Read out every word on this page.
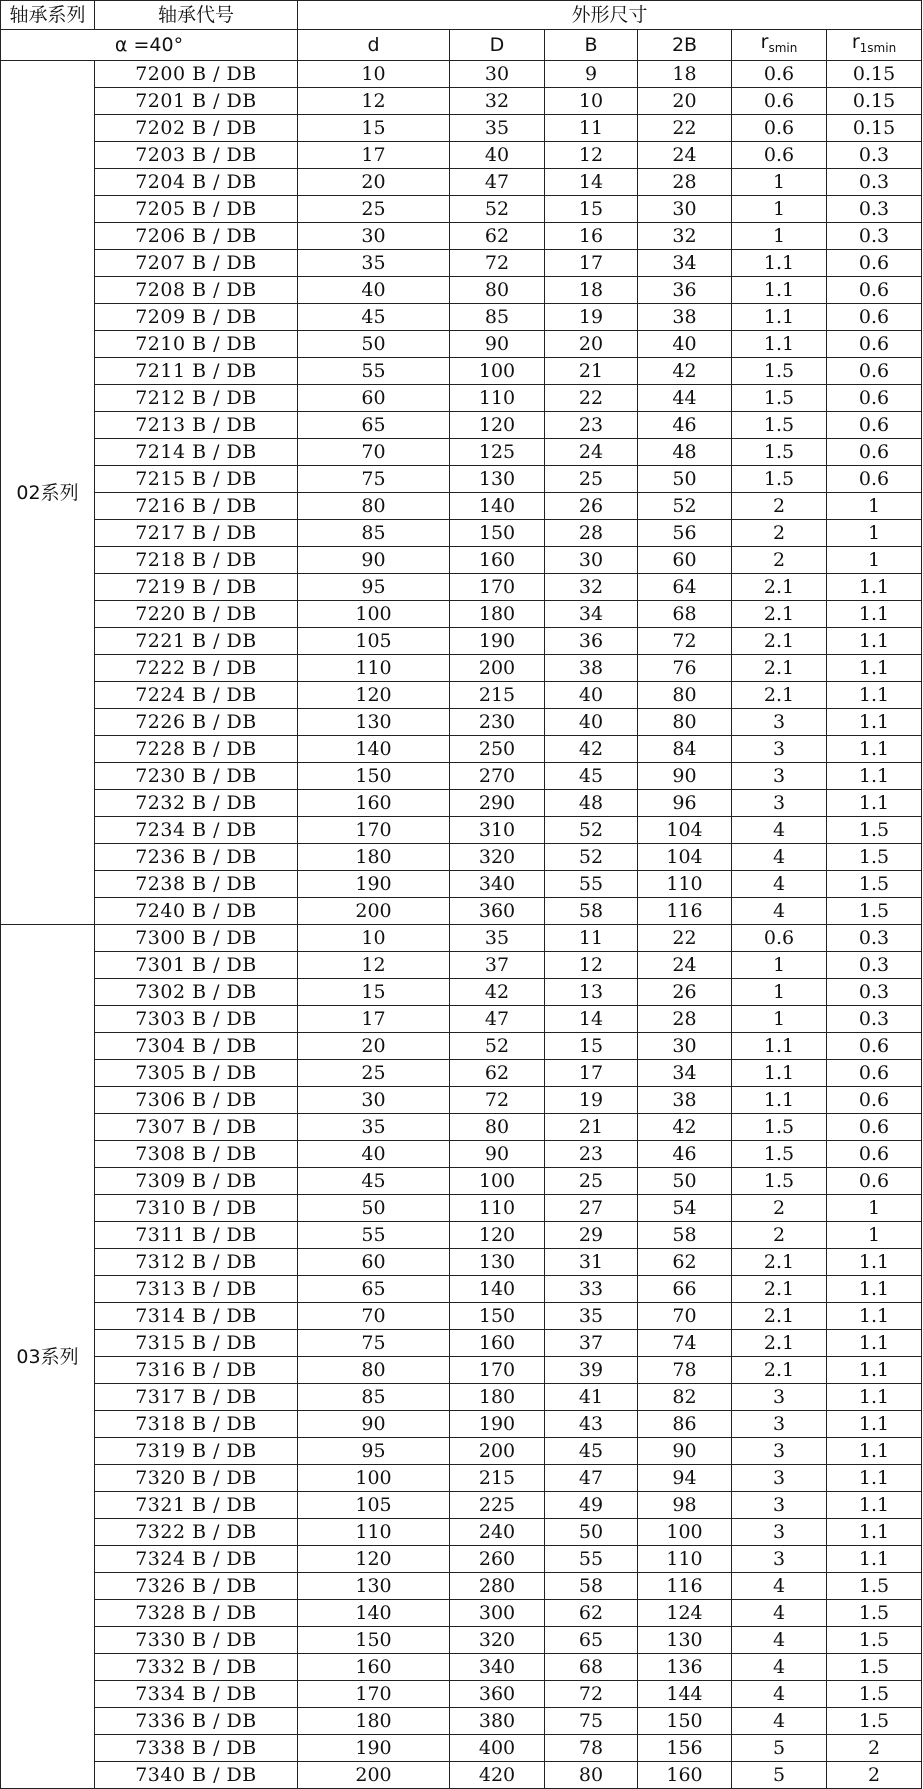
轴承系列	轴承代号	外形尺寸					
α =40°		d	D	B	2B	$r_{smin}$	$r_{1smin}$
02系列	7200 B / DB	10	30	9	18	0.6	0.15
	7201 B / DB	12	32	10	20	0.6	0.15
	7202 B / DB	15	35	11	22	0.6	0.15
	7203 B / DB	17	40	12	24	0.6	0.3
	7204 B / DB	20	47	14	28	1	0.3
	7205 B / DB	25	52	15	30	1	0.3
	7206 B / DB	30	62	16	32	1	0.3
	7207 B / DB	35	72	17	34	1.1	0.6
	7208 B / DB	40	80	18	36	1.1	0.6
	7209 B / DB	45	85	19	38	1.1	0.6
	7210 B / DB	50	90	20	40	1.1	0.6
	7211 B / DB	55	100	21	42	1.5	0.6
	7212 B / DB	60	110	22	44	1.5	0.6
	7213 B / DB	65	120	23	46	1.5	0.6
	7214 B / DB	70	125	24	48	1.5	0.6
	7215 B / DB	75	130	25	50	1.5	0.6
	7216 B / DB	80	140	26	52	2	1
	7217 B / DB	85	150	28	56	2	1
	7218 B / DB	90	160	30	60	2	1
	7219 B / DB	95	170	32	64	2.1	1.1
	7220 B / DB	100	180	34	68	2.1	1.1
	7221 B / DB	105	190	36	72	2.1	1.1
	7222 B / DB	110	200	38	76	2.1	1.1
	7224 B / DB	120	215	40	80	2.1	1.1
	7226 B / DB	130	230	40	80	3	1.1
	7228 B / DB	140	250	42	84	3	1.1
	7230 B / DB	150	270	45	90	3	1.1
	7232 B / DB	160	290	48	96	3	1.1
	7234 B / DB	170	310	52	104	4	1.5
	7236 B / DB	180	320	52	104	4	1.5
	7238 B / DB	190	340	55	110	4	1.5
	7240 B / DB	200	360	58	116	4	1.5
03系列	7300 B / DB	10	35	11	22	0.6	0.3
	7301 B / DB	12	37	12	24	1	0.3
	7302 B / DB	15	42	13	26	1	0.3
	7303 B / DB	17	47	14	28	1	0.3
	7304 B / DB	20	52	15	30	1.1	0.6
	7305 B / DB	25	62	17	34	1.1	0.6
	7306 B / DB	30	72	19	38	1.1	0.6
	7307 B / DB	35	80	21	42	1.5	0.6
	7308 B / DB	40	90	23	46	1.5	0.6
	7309 B / DB	45	100	25	50	1.5	0.6
	7310 B / DB	50	110	27	54	2	1
	7311 B / DB	55	120	29	58	2	1
	7312 B / DB	60	130	31	62	2.1	1.1
	7313 B / DB	65	140	33	66	2.1	1.1
	7314 B / DB	70	150	35	70	2.1	1.1
	7315 B / DB	75	160	37	74	2.1	1.1
	7316 B / DB	80	170	39	78	2.1	1.1
	7317 B / DB	85	180	41	82	3	1.1
	7318 B / DB	90	190	43	86	3	1.1
	7319 B / DB	95	200	45	90	3	1.1
	7320 B / DB	100	215	47	94	3	1.1
	7321 B / DB	105	225	49	98	3	1.1
	7322 B / DB	110	240	50	100	3	1.1
	7324 B / DB	120	260	55	110	3	1.1
	7326 B / DB	130	280	58	116	4	1.5
	7328 B / DB	140	300	62	124	4	1.5
	7330 B / DB	150	320	65	130	4	1.5
	7332 B / DB	160	340	68	136	4	1.5
	7334 B / DB	170	360	72	144	4	1.5
	7336 B / DB	180	380	75	150	4	1.5
	7338 B / DB	190	400	78	156	5	2
	7340 B / DB	200	420	80	160	5	2
